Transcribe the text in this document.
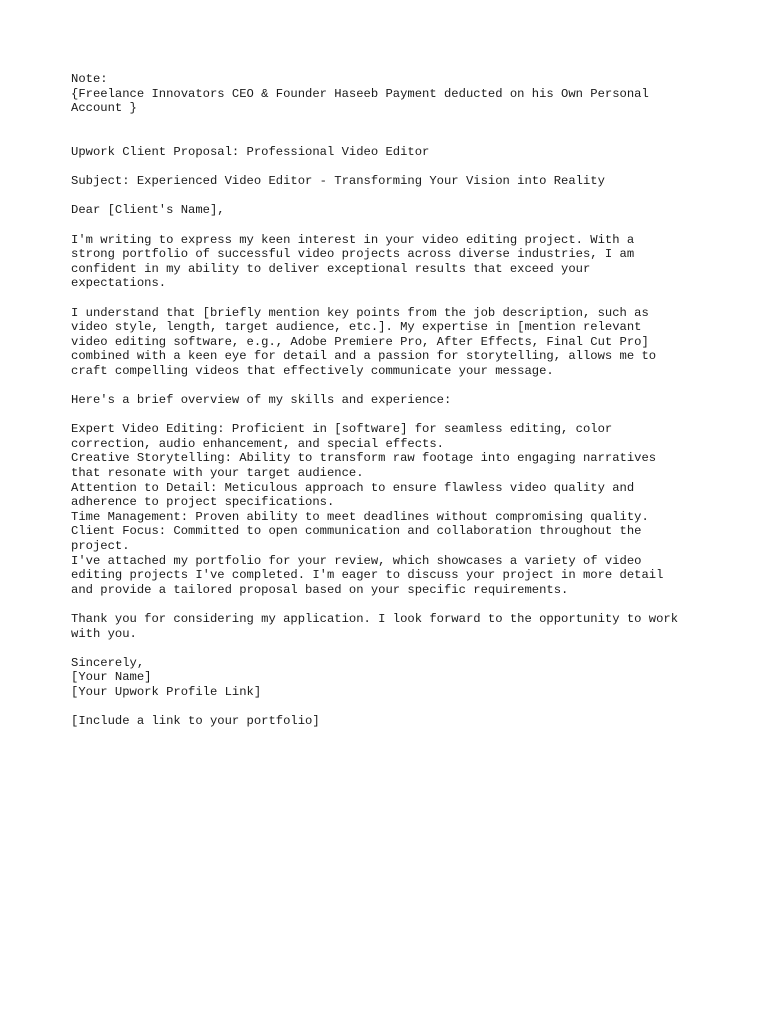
Note:
{Freelance Innovators CEO & Founder Haseeb Payment deducted on his Own Personal
Account }
Upwork Client Proposal: Professional Video Editor
Subject: Experienced Video Editor - Transforming Your Vision into Reality
Dear [Client's Name],
I'm writing to express my keen interest in your video editing project. With a
strong portfolio of successful video projects across diverse industries, I am
confident in my ability to deliver exceptional results that exceed your
expectations.
I understand that [briefly mention key points from the job description, such as
video style, length, target audience, etc.]. My expertise in [mention relevant
video editing software, e.g., Adobe Premiere Pro, After Effects, Final Cut Pro]
combined with a keen eye for detail and a passion for storytelling, allows me to
craft compelling videos that effectively communicate your message.
Here's a brief overview of my skills and experience:
Expert Video Editing: Proficient in [software] for seamless editing, color
correction, audio enhancement, and special effects.
Creative Storytelling: Ability to transform raw footage into engaging narratives
that resonate with your target audience.
Attention to Detail: Meticulous approach to ensure flawless video quality and
adherence to project specifications.
Time Management: Proven ability to meet deadlines without compromising quality.
Client Focus: Committed to open communication and collaboration throughout the
project.
I've attached my portfolio for your review, which showcases a variety of video
editing projects I've completed. I'm eager to discuss your project in more detail
and provide a tailored proposal based on your specific requirements.
Thank you for considering my application. I look forward to the opportunity to work
with you.
Sincerely,
[Your Name]
[Your Upwork Profile Link]
[Include a link to your portfolio]
